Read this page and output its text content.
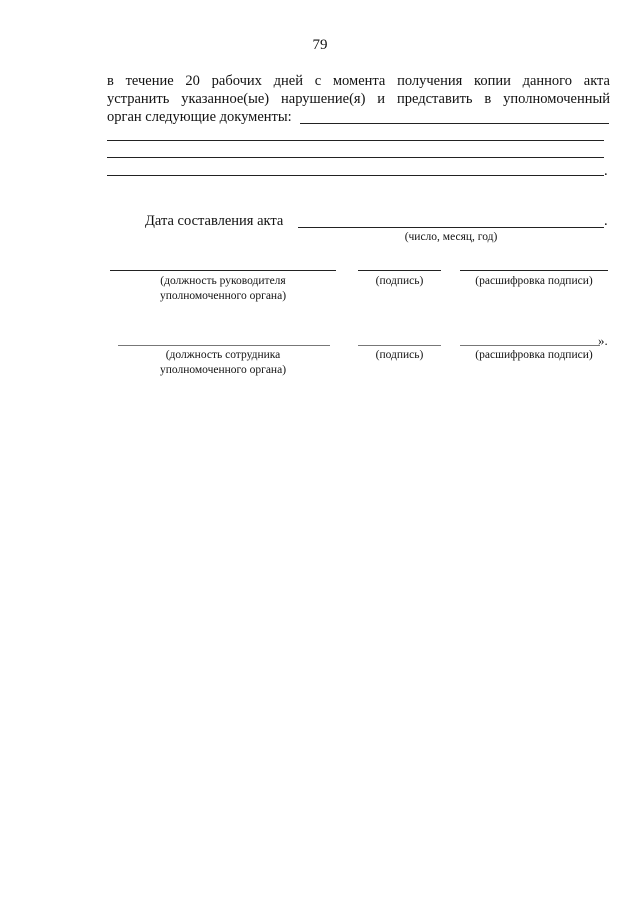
79
в течение 20 рабочих дней с момента получения копии данного акта
устранить указанное(ые) нарушение(я) и представить в уполномоченный
орган следующие документы:
.
Дата составления акта	.
(число, месяц, год)
(должность руководителя
уполномоченного органа)
(подпись)	(расшифровка подписи)
».
(должность сотрудника
уполномоченного органа)
(подпись)	(расшифровка подписи)
